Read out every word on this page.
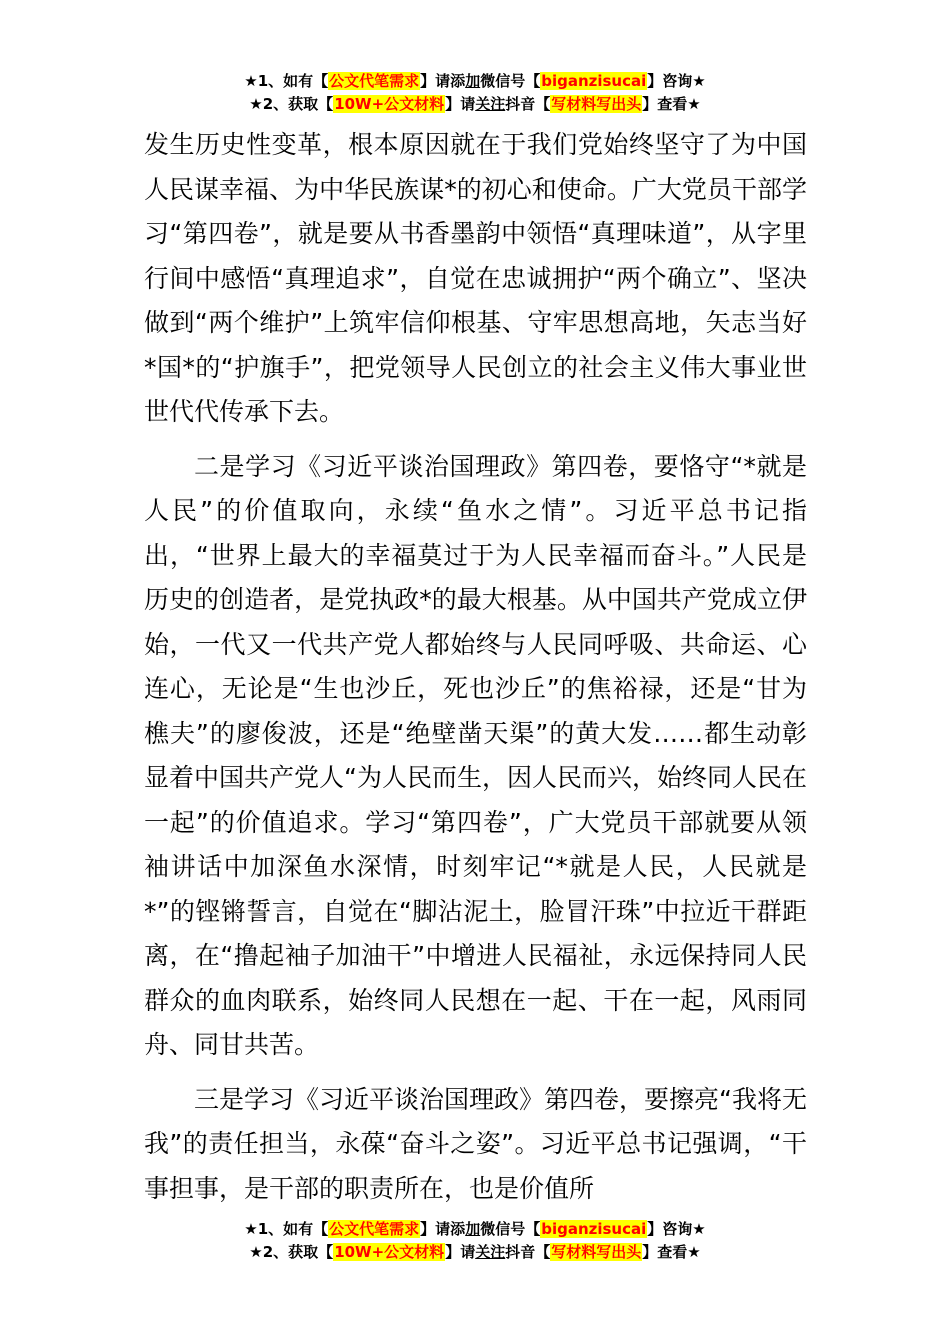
★1、如有【公文代笔需求】请添加微信号【biganzisucai】咨询★
★2、获取【10W+公文材料】请关注抖音【写材料写出头】查看★

发生历史性变革，根本原因就在于我们党始终坚守了为中国人民谋幸福、为中华民族谋*的初心和使命。广大党员干部学习“第四卷”，就是要从书香墨韵中领悟“真理味道”，从字里行间中感悟“真理追求”，自觉在忠诚拥护“两个确立”、坚决做到“两个维护”上筑牢信仰根基、守牢思想高地，矢志当好*国*的“护旗手”，把党领导人民创立的社会主义伟大事业世世代代传承下去。

二是学习《习近平谈治国理政》第四卷，要恪守“*就是人民”的价值取向，永续“鱼水之情”。习近平总书记指出，“世界上最大的幸福莫过于为人民幸福而奋斗。”人民是历史的创造者，是党执政*的最大根基。从中国共产党成立伊始，一代又一代共产党人都始终与人民同呼吸、共命运、心连心，无论是“生也沙丘，死也沙丘”的焦裕禄，还是“甘为樵夫”的廖俊波，还是“绝壁凿天渠”的黄大发……都生动彰显着中国共产党人“为人民而生，因人民而兴，始终同人民在一起”的价值追求。学习“第四卷”，广大党员干部就要从领袖讲话中加深鱼水深情，时刻牢记“*就是人民，人民就是*”的铿锵誓言，自觉在“脚沾泥土，脸冒汗珠”中拉近干群距离，在“撸起袖子加油干”中增进人民福祉，永远保持同人民群众的血肉联系，始终同人民想在一起、干在一起，风雨同舟、同甘共苦。

三是学习《习近平谈治国理政》第四卷，要擦亮“我将无我”的责任担当，永葆“奋斗之姿”。习近平总书记强调，“干事担事，是干部的职责所在，也是价值所

★1、如有【公文代笔需求】请添加微信号【biganzisucai】咨询★
★2、获取【10W+公文材料】请关注抖音【写材料写出头】查看★
